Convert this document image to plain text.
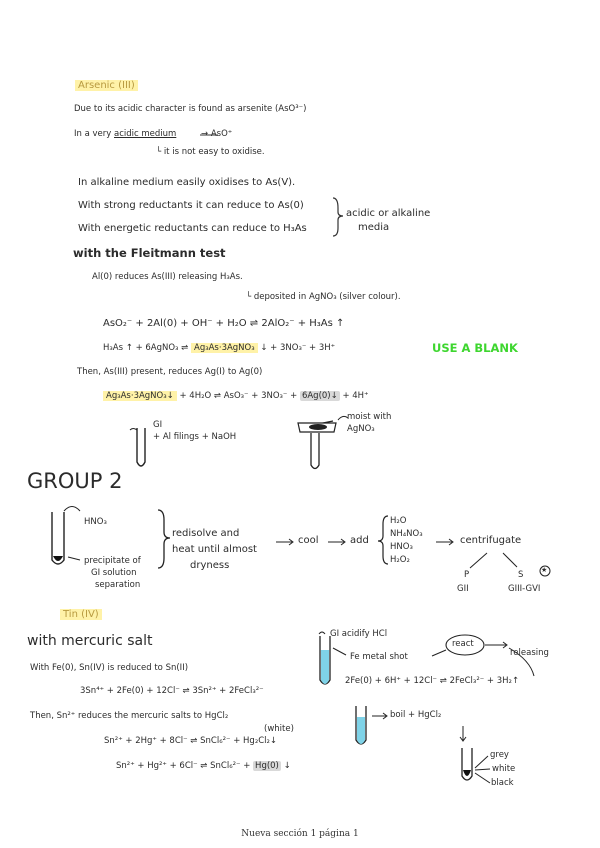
Arsenic (III)
Due to its acidic character is found as arsenite (AsO³⁻)
In a very acidic medium	→ AsO⁺
└ it is not easy to oxidise.
In alkaline medium easily oxidises to As(V).
With strong reductants it can reduce to As(0)
With energetic reductants can reduce to H₃As
acidic or alkaline
media
with the Fleitmann test
Al(0) reduces As(III) releasing H₃As.
└ deposited in AgNO₃ (silver colour).
AsO₂⁻ + 2Al(0) + OH⁻ + H₂O ⇌ 2AlO₂⁻ + H₃As ↑
H₃As ↑ + 6AgNO₃ ⇌ Ag₃As·3AgNO₃ ↓ + 3NO₃⁻ + 3H⁺	USE A BLANK
Then, As(III) present, reduces Ag(I) to Ag(0)
Ag₃As·3AgNO₃↓ + 4H₂O ⇌ AsO₃⁻ + 3NO₃⁻ + 6Ag(0)↓ + 4H⁺
GI
+ Al filings + NaOH
moist with
AgNO₃
GROUP 2
HNO₃
precipitate of
GI solution
separation
redisolve and
heat until almost
dryness
cool	add
H₂O
NH₄NO₃
HNO₃
H₂O₂
centrifugate
P	S	★
GII	GIII-GVI
Tin (IV)
with mercuric salt
With Fe(0), Sn(IV) is reduced to Sn(II)
3Sn⁴⁺ + 2Fe(0) + 12Cl⁻ ⇌ 3Sn²⁺ + 2FeCl₃²⁻
Then, Sn²⁺ reduces the mercuric salts to HgCl₂
(white)
Sn²⁺ + 2Hg⁺ + 8Cl⁻ ⇌ SnCl₆²⁻ + Hg₂Cl₂↓
Sn²⁺ + Hg²⁺ + 6Cl⁻ ⇌ SnCl₆²⁻ + Hg(0) ↓
GI acidify HCl
Fe metal shot
react
releasing
2Fe(0) + 6H⁺ + 12Cl⁻ ⇌ 2FeCl₃²⁻ + 3H₂↑
boil + HgCl₂
grey
white
black
Nueva sección 1 página 1
